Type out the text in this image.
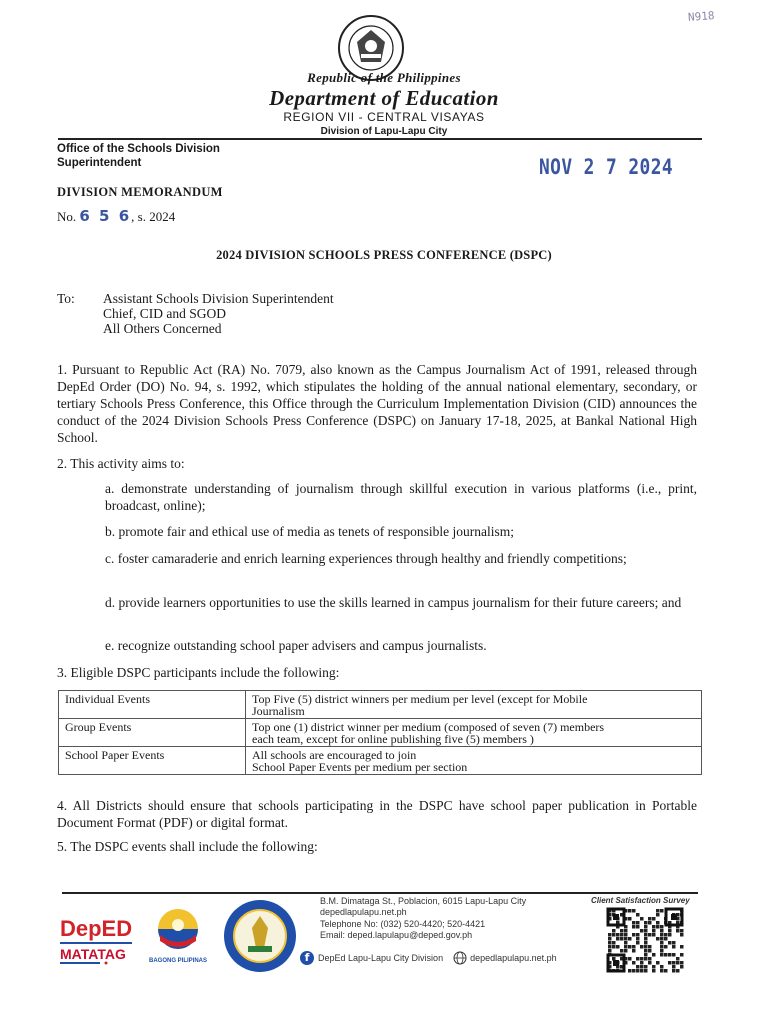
N918
Republic of the Philippines
Department of Education
REGION VII - CENTRAL VISAYAS
Division of Lapu-Lapu City
Office of the Schools Division Superintendent	NOV 2 7 2024
DIVISION MEMORANDUM
No. 6 5 6, s. 2024
2024 DIVISION SCHOOLS PRESS CONFERENCE (DSPC)
To: Assistant Schools Division Superintendent
Chief, CID and SGOD
All Others Concerned
1. Pursuant to Republic Act (RA) No. 7079, also known as the Campus Journalism Act of 1991, released through DepEd Order (DO) No. 94, s. 1992, which stipulates the holding of the annual national elementary, secondary, or tertiary Schools Press Conference, this Office through the Curriculum Implementation Division (CID) announces the conduct of the 2024 Division Schools Press Conference (DSPC) on January 17-18, 2025, at Bankal National High School.
2. This activity aims to:
a. demonstrate understanding of journalism through skillful execution in various platforms (i.e., print, broadcast, online);
b. promote fair and ethical use of media as tenets of responsible journalism;
c. foster camaraderie and enrich learning experiences through healthy and friendly competitions;
d. provide learners opportunities to use the skills learned in campus journalism for their future careers; and
e. recognize outstanding school paper advisers and campus journalists.
3. Eligible DSPC participants include the following:
Individual Events	Top Five (5) district winners per medium per level (except for Mobile
Journalism

Group Events	Top one (1) district winner per medium (composed of seven (7) members
each team, except for online publishing five (5) members )

School Paper Events	All schools are encouraged to join
School Paper Events per medium per section
4. All Districts should ensure that schools participating in the DSPC have school paper publication in Portable Document Format (PDF) or digital format.
5. The DSPC events shall include the following:
DepED
MATATAG	BAGONG PILIPINAS
B.M. Dimataga St., Poblacion, 6015 Lapu-Lapu City
depedlapulapu.net.ph
Telephone No: (032) 520-4420; 520-4421
Email: deped.lapulapu@deped.gov.ph
f DepEd Lapu-Lapu City Division	depedlapulapu.net.ph
Client Satisfaction Survey
